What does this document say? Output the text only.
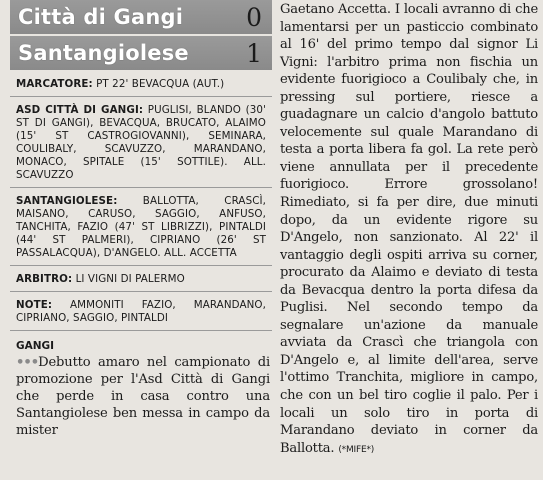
Città di Gangi	0
Santangiolese 1
MARCATORE: PT 22' BEVACQUA (AUT.)
ASD CITTÀ DI GANGI: PUGLISI, BLANDO (30' ST DI GANGI), BEVACQUA, BRUCATO, ALAIMO (15' ST CASTROGIOVANNI), SEMINARA, COULIBALY, SCAVUZZO, MARANDANO, MONACO, SPITALE (15' SOTTILE). ALL. SCAVUZZO
SANTANGIOLESE: BALLOTTA, CRASCÌ, MAISANO, CARUSO, SAGGIO, ANFUSO, TANCHITA, FAZIO (47' ST LIBRIZZI), PINTALDI (44' ST PALMERI), CIPRIANO (26' ST PASSALACQUA), D'ANGELO. ALL. ACCETTA
ARBITRO: LI VIGNI DI PALERMO
NOTE: AMMONITI FAZIO, MARANDANO, CIPRIANO, SAGGIO, PINTALDI
GANGI
•••Debutto amaro nel campionato di promozione per l'Asd Città di Gangi che perde in casa contro una Santangiolese ben messa in campo da mister

Gaetano Accetta. I locali avranno di che lamentarsi per un pasticcio combinato al 16' del primo tempo dal signor Li Vigni: l'arbitro prima non fischia un evidente fuorigioco a Coulibaly che, in pressing sul portiere, riesce a guadagnare un calcio d'angolo battuto velocemente sul quale Marandano di testa a porta libera fa gol. La rete però viene annullata per il precedente fuorigioco. Errore grossolano! Rimediato, si fa per dire, due minuti dopo, da un evidente rigore su D'Angelo, non sanzionato. Al 22' il vantaggio degli ospiti arriva su corner, procurato da Alaimo e deviato di testa da Bevacqua dentro la porta difesa da Puglisi. Nel secondo tempo da segnalare un'azione da manuale avviata da Crascì che triangola con D'Angelo e, al limite dell'area, serve l'ottimo Tranchita, migliore in campo, che con un bel tiro coglie il palo. Per i locali un solo tiro in porta di Marandano deviato in corner da Ballotta. (*MIFE*)
